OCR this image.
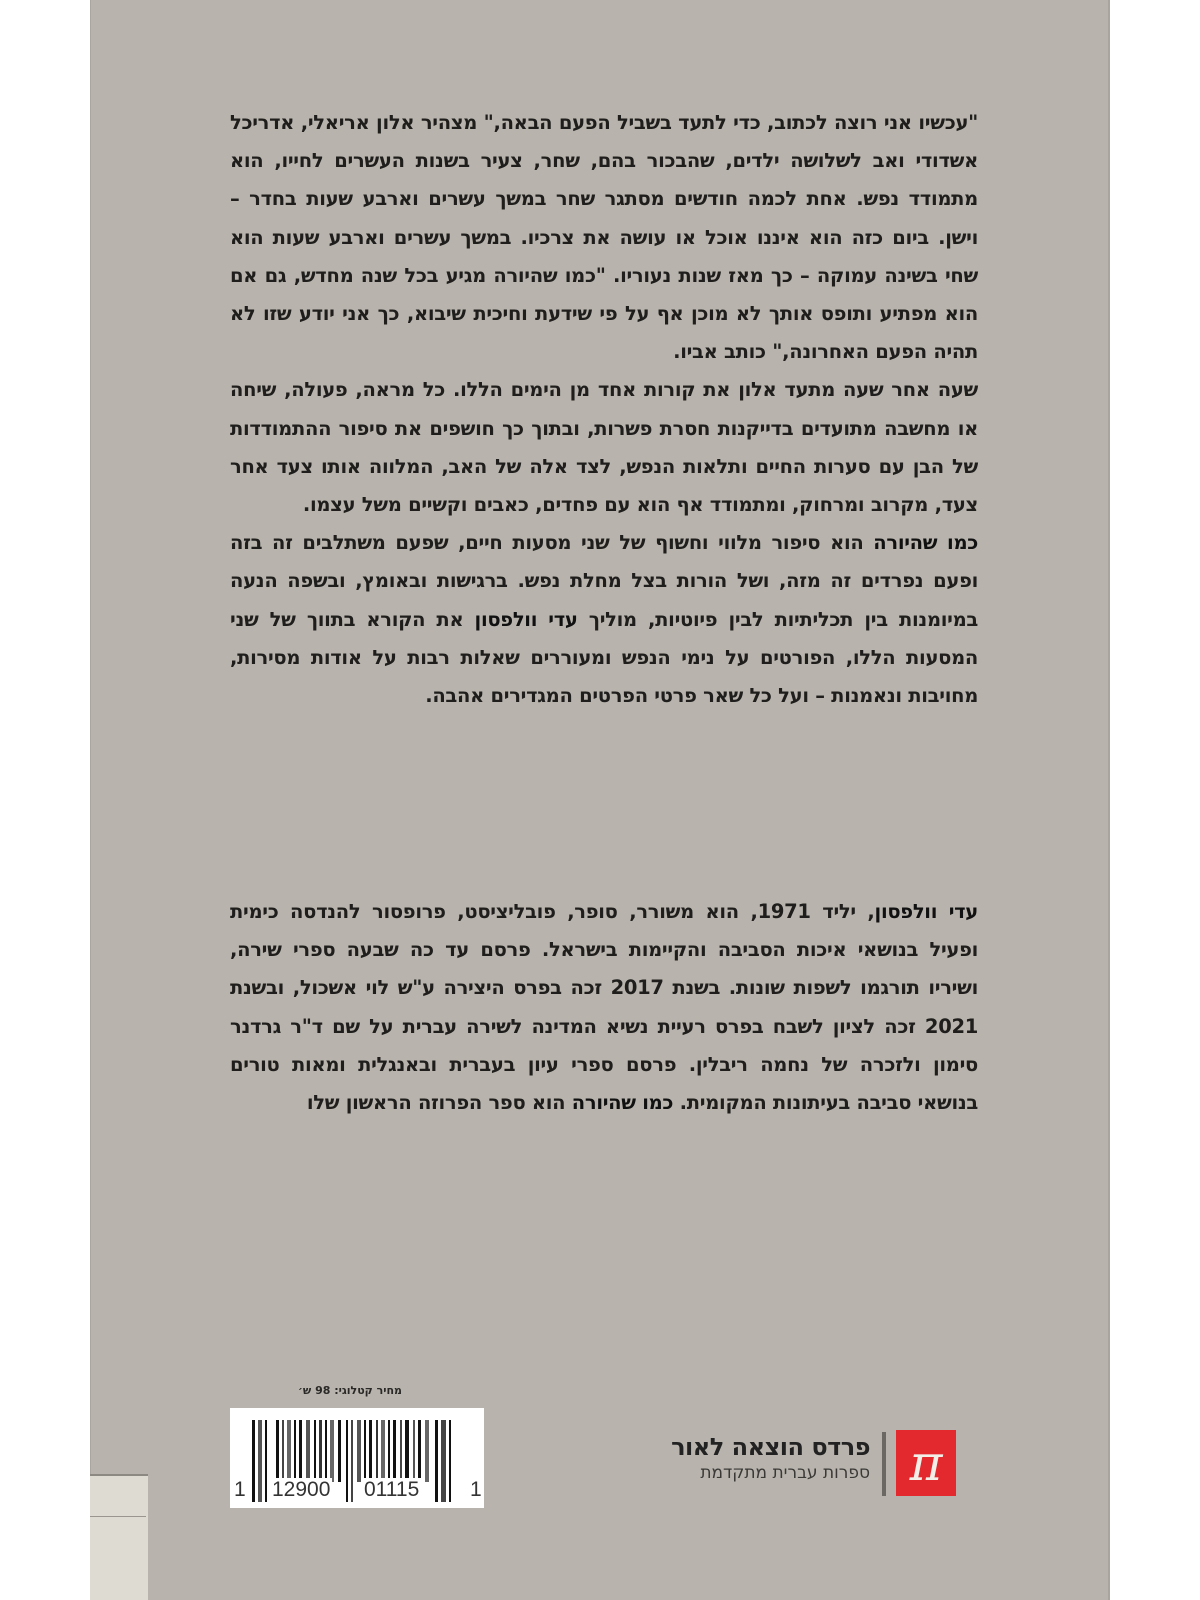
"עכשיו אני רוצה לכתוב, כדי לתעד בשביל הפעם הבאה," מצהיר אלון אריאלי, אדריכל אשדודי ואב לשלושה ילדים, שהבכור בהם, שחר, צעיר בשנות העשרים לחייו, הוא מתמודד נפש. אחת לכמה חודשים מסתגר שחר במשך עשרים וארבע שעות בחדר – וישן. ביום כזה הוא איננו אוכל או עושה את צרכיו. במשך עשרים וארבע שעות הוא שחי בשינה עמוקה – כך מאז שנות נעוריו. "כמו שהיורה מגיע בכל שנה מחדש, גם אם הוא מפתיע ותופס אותך לא מוכן אף על פי שידעת וחיכית שיבוא, כך אני יודע שזו לא תהיה הפעם האחרונה," כותב אביו.

שעה אחר שעה מתעד אלון את קורות אחד מן הימים הללו. כל מראה, פעולה, שיחה או מחשבה מתועדים בדייקנות חסרת פשרות, ובתוך כך חושפים את סיפור ההתמודדות של הבן עם סערות החיים ותלאות הנפש, לצד אלה של האב, המלווה אותו צעד אחר צעד, מקרוב ומרחוק, ומתמודד אף הוא עם פחדים, כאבים וקשיים משל עצמו.

כמו שהיורה הוא סיפור מלווי וחשוף של שני מסעות חיים, שפעם משתלבים זה בזה ופעם נפרדים זה מזה, ושל הורות בצל מחלת נפש. ברגישות ובאומץ, ובשפה הנעה במיומנות בין תכליתיות לבין פיוטיות, מוליך עדי וולפסון את הקורא בתווך של שני המסעות הללו, הפורטים על נימי הנפש ומעוררים שאלות רבות על אודות מסירות, מחויבות ונאמנות – ועל כל שאר פרטי הפרטים המגדירים אהבה.

עדי וולפסון, יליד 1971, הוא משורר, סופר, פובליציסט, פרופסור להנדסה כימית ופעיל בנושאי איכות הסביבה והקיימות בישראל. פרסם עד כה שבעה ספרי שירה, ושיריו תורגמו לשפות שונות. בשנת 2017 זכה בפרס היצירה ע"ש לוי אשכול, ובשנת 2021 זכה לציון לשבח בפרס רעיית נשיא המדינה לשירה עברית על שם ד"ר גרדנר סימון ולזכרה של נחמה ריבלין. פרסם ספרי עיון בעברית ובאנגלית ומאות טורים בנושאי סביבה בעיתונות המקומית. כמו שהיורה הוא ספר הפרוזה הראשון שלו

מחיר קטלוגי: 98 ש׳
1 12900 01115 1
פרדס הוצאה לאור
ספרות עברית מתקדמת π
